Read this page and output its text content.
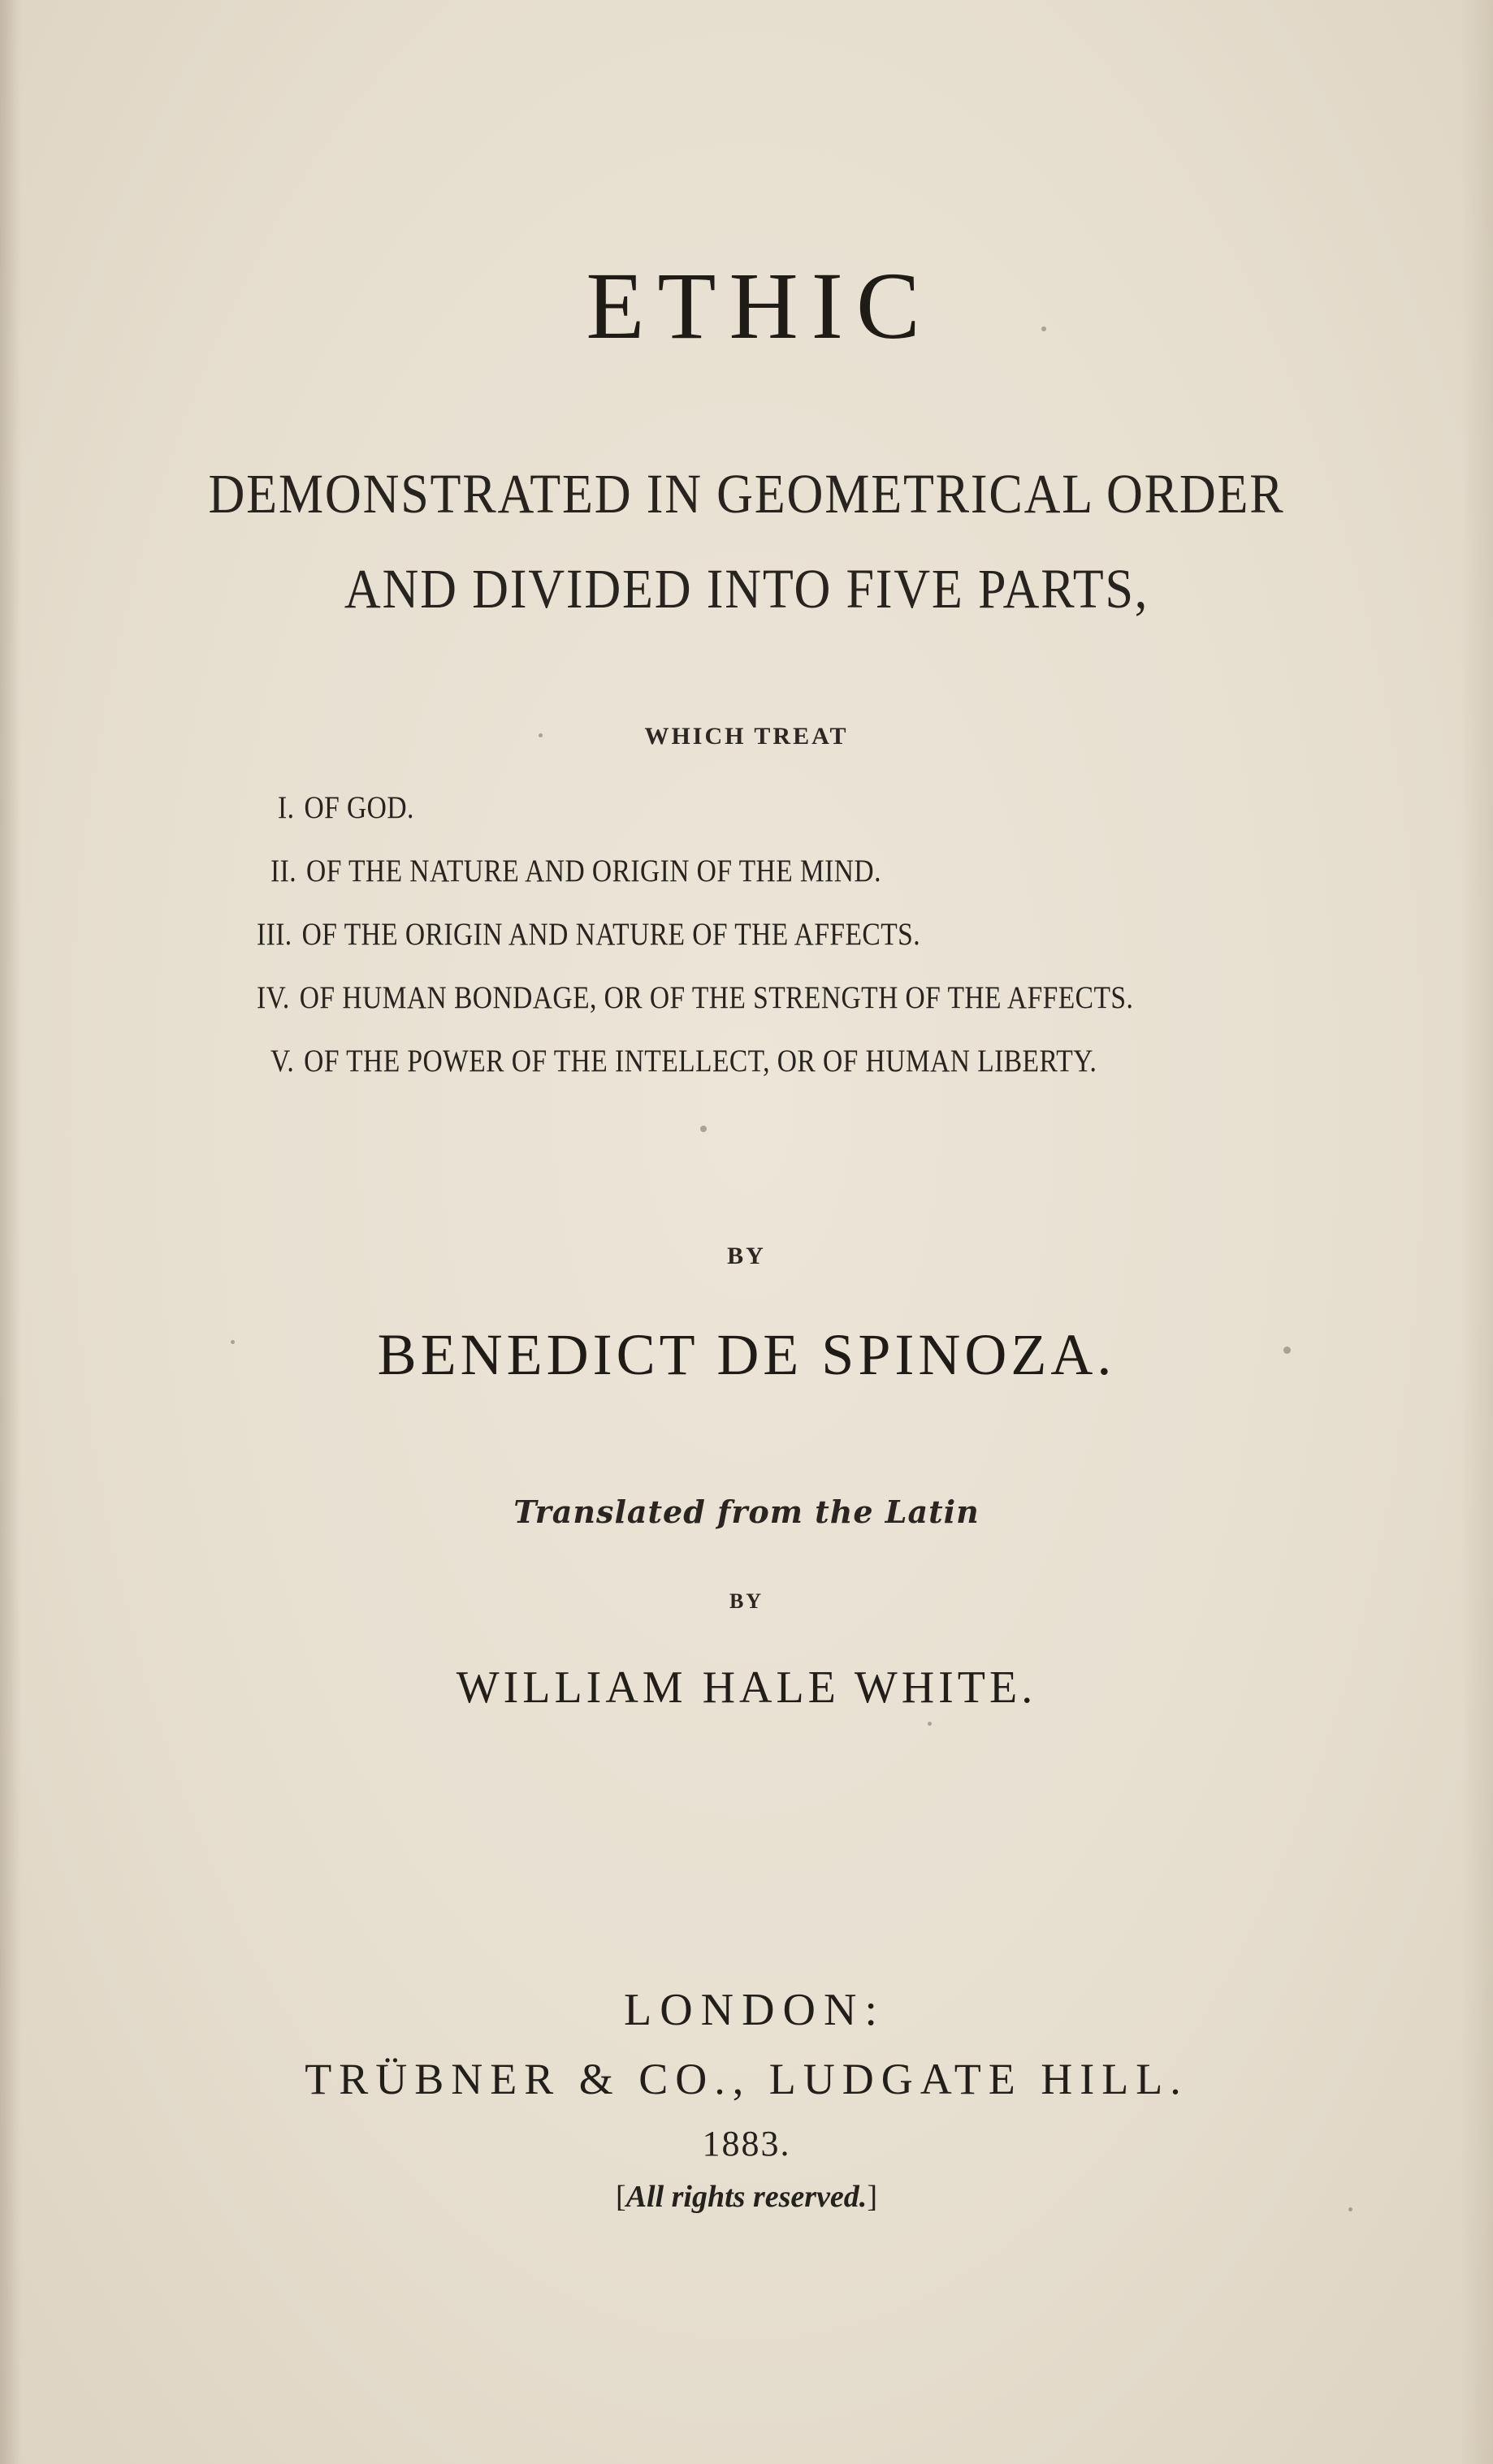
ETHIC
DEMONSTRATED IN GEOMETRICAL ORDER
AND DIVIDED INTO FIVE PARTS,
WHICH TREAT
I. OF GOD.
II. OF THE NATURE AND ORIGIN OF THE MIND.
III. OF THE ORIGIN AND NATURE OF THE AFFECTS.
IV. OF HUMAN BONDAGE, OR OF THE STRENGTH OF THE AFFECTS.
V. OF THE POWER OF THE INTELLECT, OR OF HUMAN LIBERTY.
BY
BENEDICT DE SPINOZA.
Translated from the Latin
BY
WILLIAM HALE WHITE.
LONDON:
TRÜBNER & CO., LUDGATE HILL.
1883.
[All rights reserved.]
